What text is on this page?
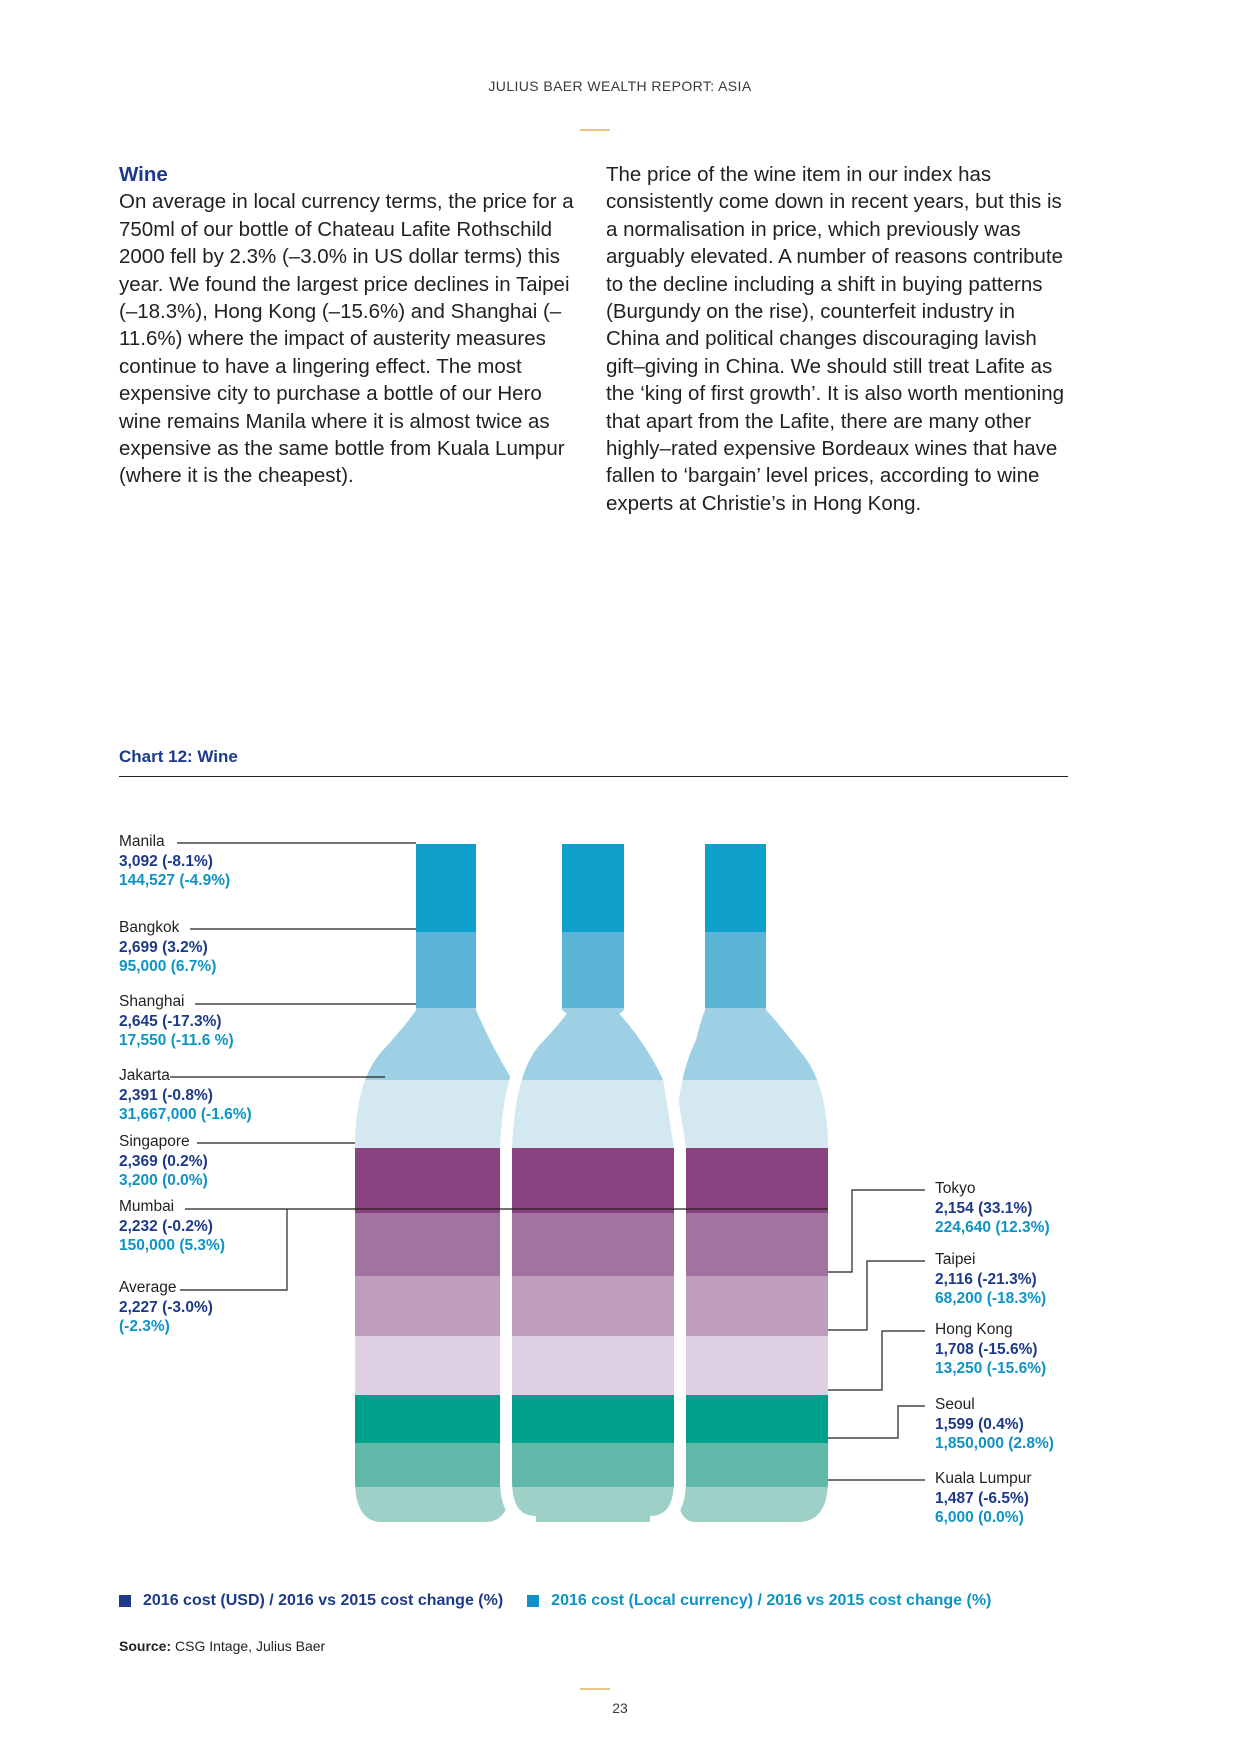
JULIUS BAER WEALTH REPORT: ASIA

Wine

On average in local currency terms, the price for a 750ml of our bottle of Chateau Lafite Rothschild 2000 fell by 2.3% (–3.0% in US dollar terms) this year. We found the largest price declines in Taipei (–18.3%), Hong Kong (–15.6%) and Shanghai (–11.6%) where the impact of austerity measures continue to have a lingering effect. The most expensive city to purchase a bottle of our Hero wine remains Manila where it is almost twice as expensive as the same bottle from Kuala Lumpur (where it is the cheapest).

The price of the wine item in our index has consistently come down in recent years, but this is a normalisation in price, which previously was arguably elevated. A number of reasons contribute to the decline including a shift in buying patterns (Burgundy on the rise), counterfeit industry in China and political changes discouraging lavish gift–giving in China. We should still treat Lafite as the ‘king of first growth’. It is also worth mentioning that apart from the Lafite, there are many other highly–rated expensive Bordeaux wines that have fallen to ‘bargain’ level prices, according to wine experts at Christie’s in Hong Kong.

Chart 12: Wine
Manila
3,092 (-8.1%)
144,527 (-4.9%)
Bangkok
2,699 (3.2%)
95,000 (6.7%)
Shanghai
2,645 (-17.3%)
17,550 (-11.6 %)
Jakarta
2,391 (-0.8%)
31,667,000 (-1.6%)
Singapore
2,369 (0.2%)
3,200 (0.0%)
Mumbai
2,232 (-0.2%)
150,000 (5.3%)
Average
2,227 (-3.0%)
(-2.3%)
Tokyo
2,154 (33.1%)
224,640 (12.3%)
Taipei
2,116 (-21.3%)
68,200 (-18.3%)
Hong Kong
1,708 (-15.6%)
13,250 (-15.6%)
Seoul
1,599 (0.4%)
1,850,000 (2.8%)
Kuala Lumpur
1,487 (-6.5%)
6,000 (0.0%)
2016 cost (USD) / 2016 vs 2015 cost change (%)	2016 cost (Local currency) / 2016 vs 2015 cost change (%)
Source: CSG Intage, Julius Baer
23
